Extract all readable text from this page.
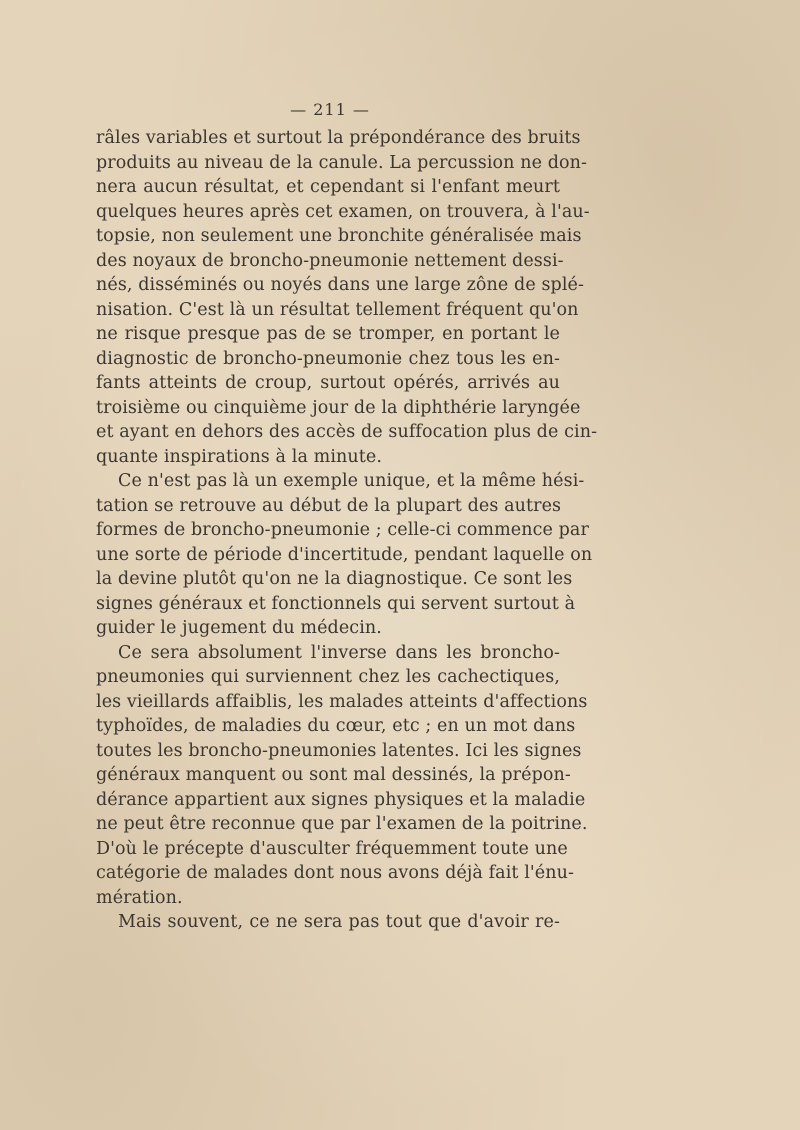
— 211 —
râles variables et surtout la prépondérance des bruits
produits au niveau de la canule. La percussion ne don-
nera aucun résultat, et cependant si l'enfant meurt
quelques heures après cet examen, on trouvera, à l'au-
topsie, non seulement une bronchite généralisée mais
des noyaux de broncho-pneumonie nettement dessi-
nés, disséminés ou noyés dans une large zône de splé-
nisation. C'est là un résultat tellement fréquent qu'on
ne risque presque pas de se tromper, en portant le
diagnostic de broncho-pneumonie chez tous les en-
fants atteints de croup, surtout opérés, arrivés au
troisième ou cinquième jour de la diphthérie laryngée
et ayant en dehors des accès de suffocation plus de cin-
quante inspirations à la minute.
Ce n'est pas là un exemple unique, et la même hési-
tation se retrouve au début de la plupart des autres
formes de broncho-pneumonie ; celle-ci commence par
une sorte de période d'incertitude, pendant laquelle on
la devine plutôt qu'on ne la diagnostique. Ce sont les
signes généraux et fonctionnels qui servent surtout à
guider le jugement du médecin.
Ce sera absolument l'inverse dans les broncho-
pneumonies qui surviennent chez les cachectiques,
les vieillards affaiblis, les malades atteints d'affections
typhoïdes, de maladies du cœur, etc ; en un mot dans
toutes les broncho-pneumonies latentes. Ici les signes
généraux manquent ou sont mal dessinés, la prépon-
dérance appartient aux signes physiques et la maladie
ne peut être reconnue que par l'examen de la poitrine.
D'où le précepte d'ausculter fréquemment toute une
catégorie de malades dont nous avons déjà fait l'énu-
mération.
Mais souvent, ce ne sera pas tout que d'avoir re-
